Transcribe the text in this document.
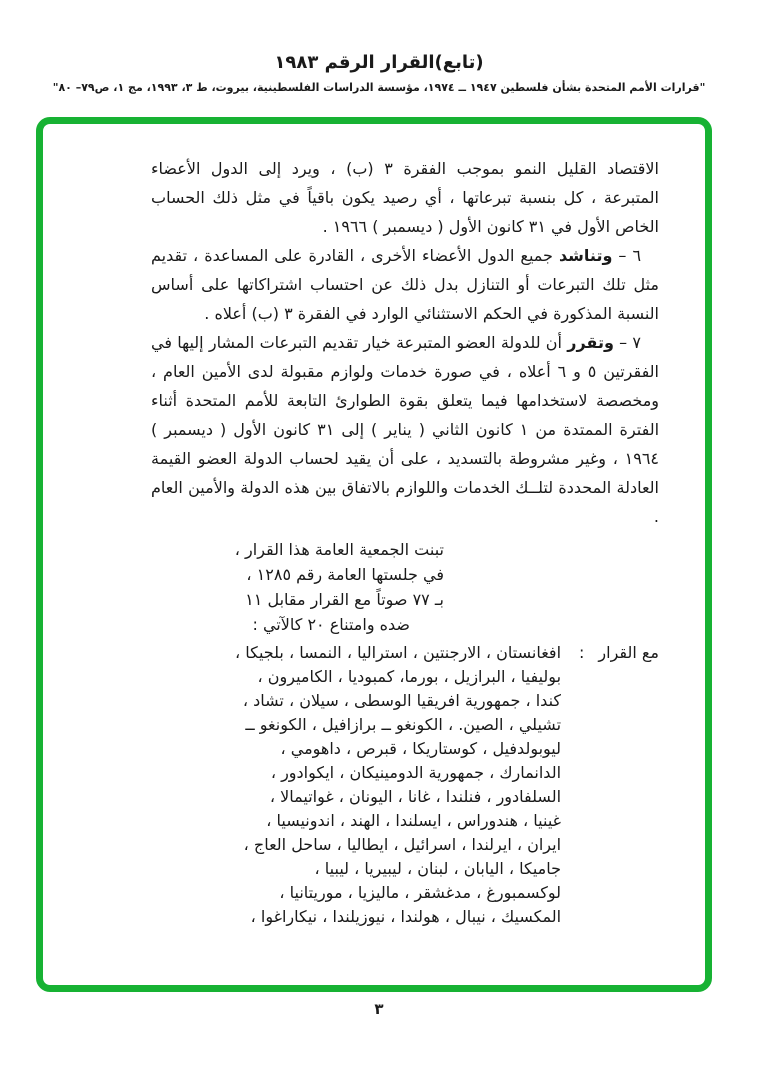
(تابع)القرار الرقم ١٩٨٣

"قرارات الأمم المتحدة بشأن فلسطين ١٩٤٧ ــ ١٩٧٤، مؤسسة الدراسات الفلسطينية، بيروت، ط ٣، ١٩٩٣، مج ١، ص٧٩– ٨٠"

الاقتصاد القليل النمو بموجب الفقرة ٣ (ب) ، ويرد إلى الدول الأعضاء المتبرعة ، كل بنسبة تبرعاتها ، أي رصيد يكون باقياً في مثل ذلك الحساب الخاص الأول في ٣١ كانون الأول ( ديسمبر ) ١٩٦٦ .

٦ – وتناشد جميع الدول الأعضاء الأخرى ، القادرة على المساعدة ، تقديم مثل تلك التبرعات أو التنازل بدل ذلك عن احتساب اشتراكاتها على أساس النسبة المذكورة في الحكم الاستثنائي الوارد في الفقرة ٣ (ب) أعلاه .

٧ – وتقرر أن للدولة العضو المتبرعة خيار تقديم التبرعات المشار إليها في الفقرتين ٥ و ٦ أعلاه ، في صورة خدمات ولوازم مقبولة لدى الأمين العام ، ومخصصة لاستخدامها فيما يتعلق بقوة الطوارئ التابعة للأمم المتحدة أثناء الفترة الممتدة من ١ كانون الثاني ( يناير ) إلى ٣١ كانون الأول ( ديسمبر ) ١٩٦٤ ، وغير مشروطة بالتسديد ، على أن يقيد لحساب الدولة العضو القيمة العادلة المحددة لتلــك الخدمات واللوازم بالاتفاق بين هذه الدولة والأمين العام .

تبنت الجمعية العامة هذا القرار ،
في جلستها العامة رقم ١٢٨٥ ،
بـ ٧٧ صوتاً مع القرار مقابل ١١
ضده وامتناع ٢٠ كالآتي :
مع القرار
:
افغانستان ، الارجنتين ، استراليا ، النمسا ، بلجيكا ،
بوليفيا ، البرازيل ، بورما، كمبوديا ، الكاميرون ،
كندا ، جمهورية افريقيا الوسطى ، سيلان ، تشاد ،
تشيلي ، الصين. ، الكونغو ــ برازافيل ، الكونغو ــ
ليوبولدفيل ، كوستاريكا ، قبرص ، داهومي ،
الدانمارك ، جمهورية الدومينيكان ، ايكوادور ،
السلفادور ، فنلندا ، غانا ، اليونان ، غواتيمالا ،
غينيا ، هندوراس ، ايسلندا ، الهند ، اندونيسيا ،
ايران ، ايرلندا ، اسرائيل ، ايطاليا ، ساحل العاج ،
جاميكا ، اليابان ، لبنان ، ليبيريا ، ليبيا ،
لوكسمبورغ ، مدغشقر ، ماليزيا ، موريتانيا ،
المكسيك ، نيبال ، هولندا ، نيوزيلندا ، نيكاراغوا ،
٣
